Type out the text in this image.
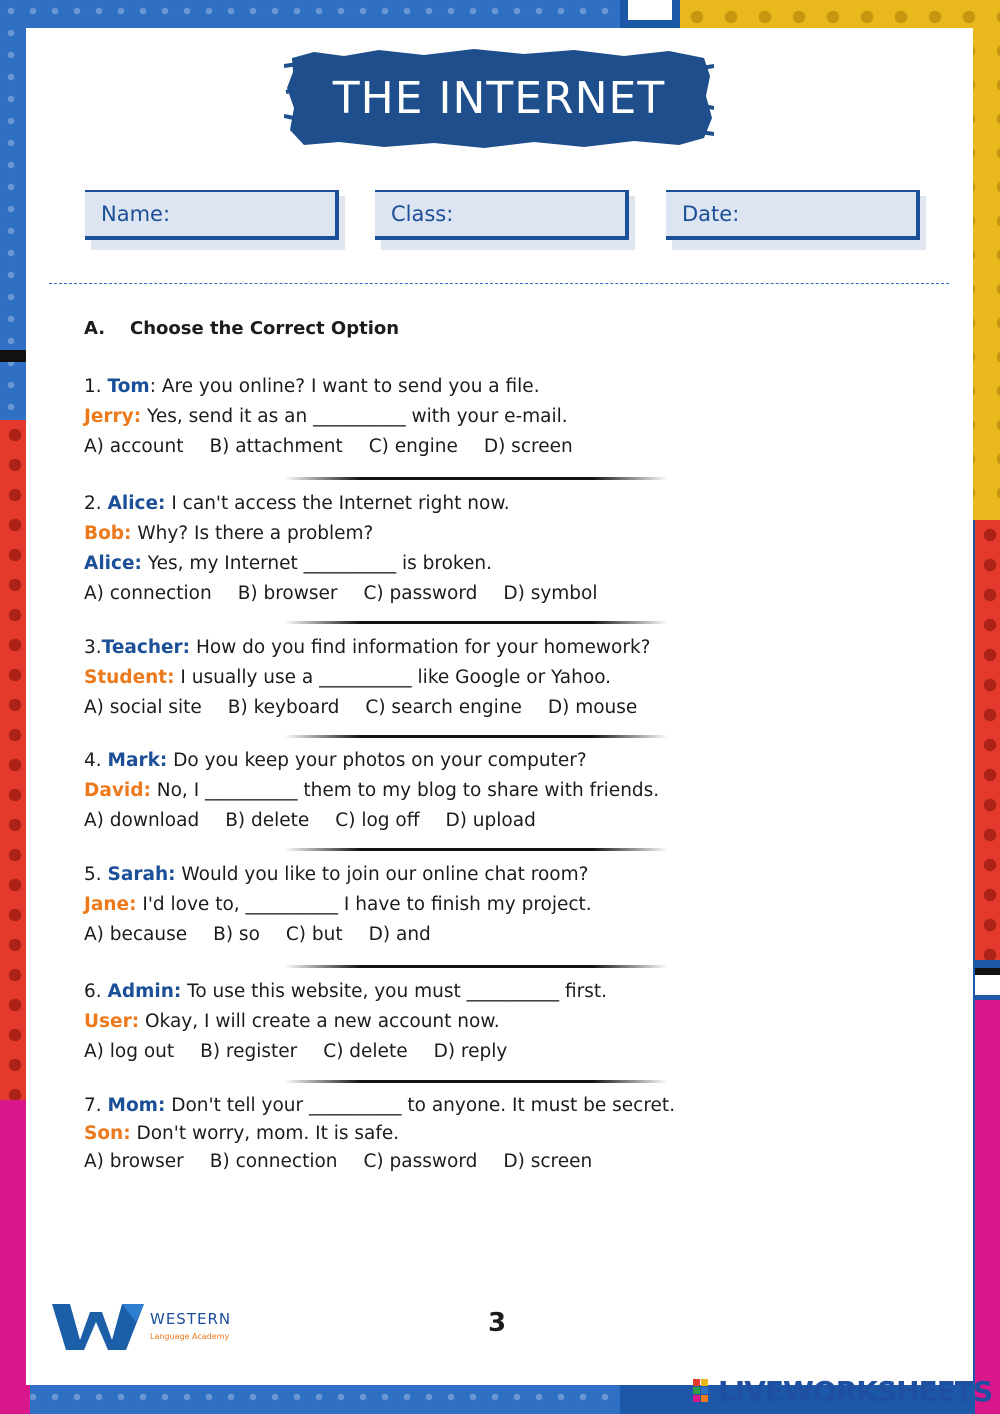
THE INTERNET
Name:	Class:	Date:
A. Choose the Correct Option
WESTERN
Language Academy	3
1. Tom: Are you online? I want to send you a file.
Jerry: Yes, send it as an __________ with your e-mail.
A) account B) attachment C) engine D) screen
2. Alice: I can't access the Internet right now.
Bob: Why? Is there a problem?
Alice: Yes, my Internet __________ is broken.
A) connection B) browser C) password D) symbol
3.Teacher: How do you find information for your homework?
Student: I usually use a __________ like Google or Yahoo.
A) social site B) keyboard C) search engine D) mouse
4. Mark: Do you keep your photos on your computer?
David: No, I __________ them to my blog to share with friends.
A) download B) delete C) log off D) upload
5. Sarah: Would you like to join our online chat room?
Jane: I'd love to, __________ I have to finish my project.
A) because B) so C) but D) and
6. Admin: To use this website, you must __________ first.
User: Okay, I will create a new account now.
A) log out B) register C) delete D) reply
7. Mom: Don't tell your __________ to anyone. It must be secret.
Son: Don't worry, mom. It is safe.
A) browser B) connection C) password D) screen
LIVEWORKSHEETS
